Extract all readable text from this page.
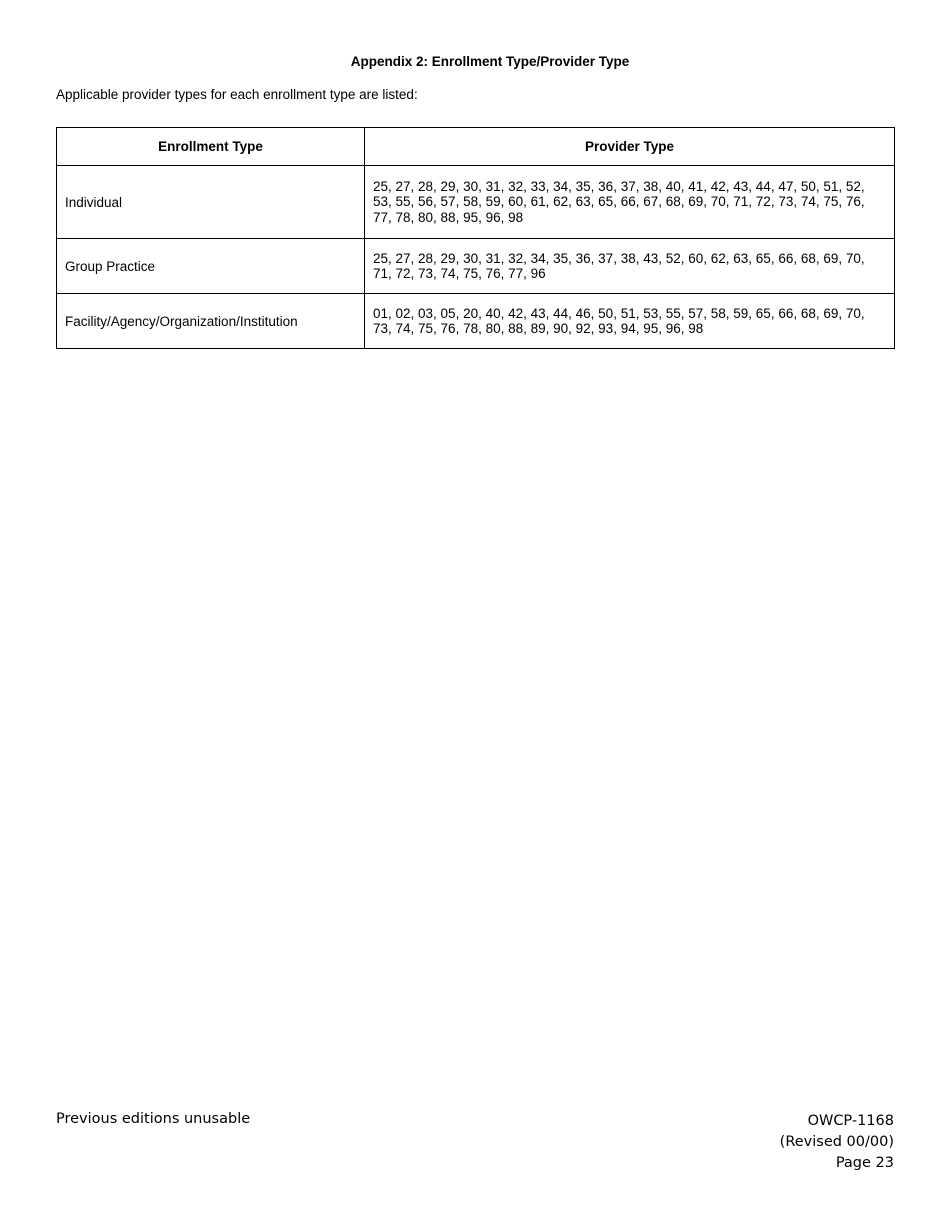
Appendix 2: Enrollment Type/Provider Type
Applicable provider types for each enrollment type are listed:
Enrollment Type	Provider Type
Individual	25, 27, 28, 29, 30, 31, 32, 33, 34, 35, 36, 37, 38, 40, 41, 42, 43, 44, 47, 50, 51, 52, 53, 55, 56, 57, 58, 59, 60, 61, 62, 63, 65, 66, 67, 68, 69, 70, 71, 72, 73, 74, 75, 76, 77, 78, 80, 88, 95, 96, 98
Group Practice	25, 27, 28, 29, 30, 31, 32, 34, 35, 36, 37, 38, 43, 52, 60, 62, 63, 65, 66, 68, 69, 70, 71, 72, 73, 74, 75, 76, 77, 96
Facility/Agency/Organization/Institution	01, 02, 03, 05, 20, 40, 42, 43, 44, 46, 50, 51, 53, 55, 57, 58, 59, 65, 66, 68, 69, 70, 73, 74, 75, 76, 78, 80, 88, 89, 90, 92, 93, 94, 95, 96, 98
Previous editions unusable	OWCP-1168
(Revised 00/00)
Page 23
